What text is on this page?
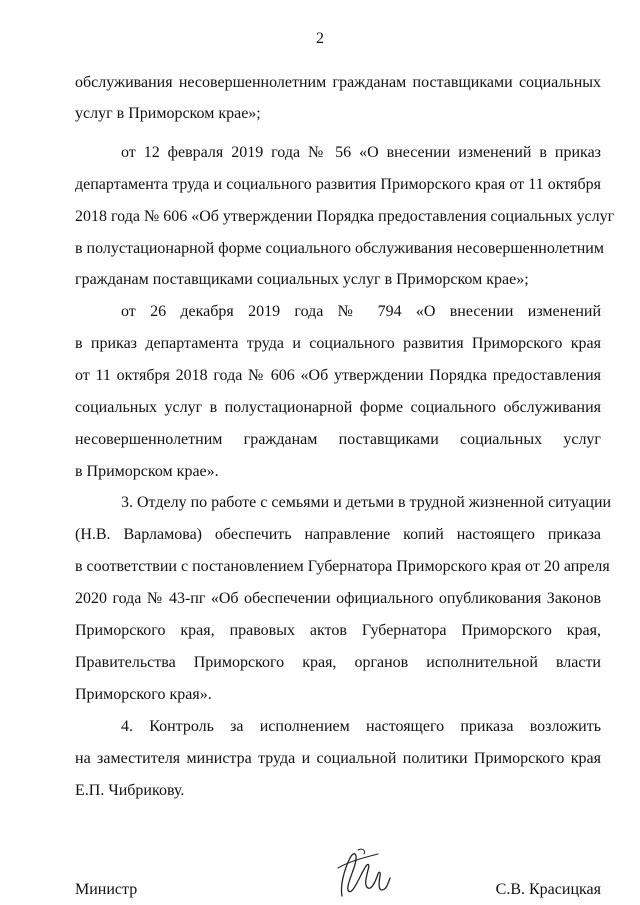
2
обслуживания несовершеннолетним гражданам поставщиками социальных
услуг в Приморском крае»;
от 12 февраля 2019 года № 56 «О внесении изменений в приказ
департамента труда и социального развития Приморского края от 11 октября
2018 года № 606 «Об утверждении Порядка предоставления социальных услуг
в полустационарной форме социального обслуживания несовершеннолетним
гражданам поставщиками социальных услуг в Приморском крае»;
от 26 декабря 2019 года № 794 «О внесении изменений
в приказ департамента труда и социального развития Приморского края
от 11 октября 2018 года № 606 «Об утверждении Порядка предоставления
социальных услуг в полустационарной форме социального обслуживания
несовершеннолетним гражданам поставщиками социальных услуг
в Приморском крае».
3. Отделу по работе с семьями и детьми в трудной жизненной ситуации
(Н.В. Варламова) обеспечить направление копий настоящего приказа
в соответствии с постановлением Губернатора Приморского края от 20 апреля
2020 года № 43-пг «Об обеспечении официального опубликования Законов
Приморского края, правовых актов Губернатора Приморского края,
Правительства Приморского края, органов исполнительной власти
Приморского края».
4. Контроль за исполнением настоящего приказа возложить
на заместителя министра труда и социальной политики Приморского края
Е.П. Чибрикову.
Министр	С.В. Красицкая
